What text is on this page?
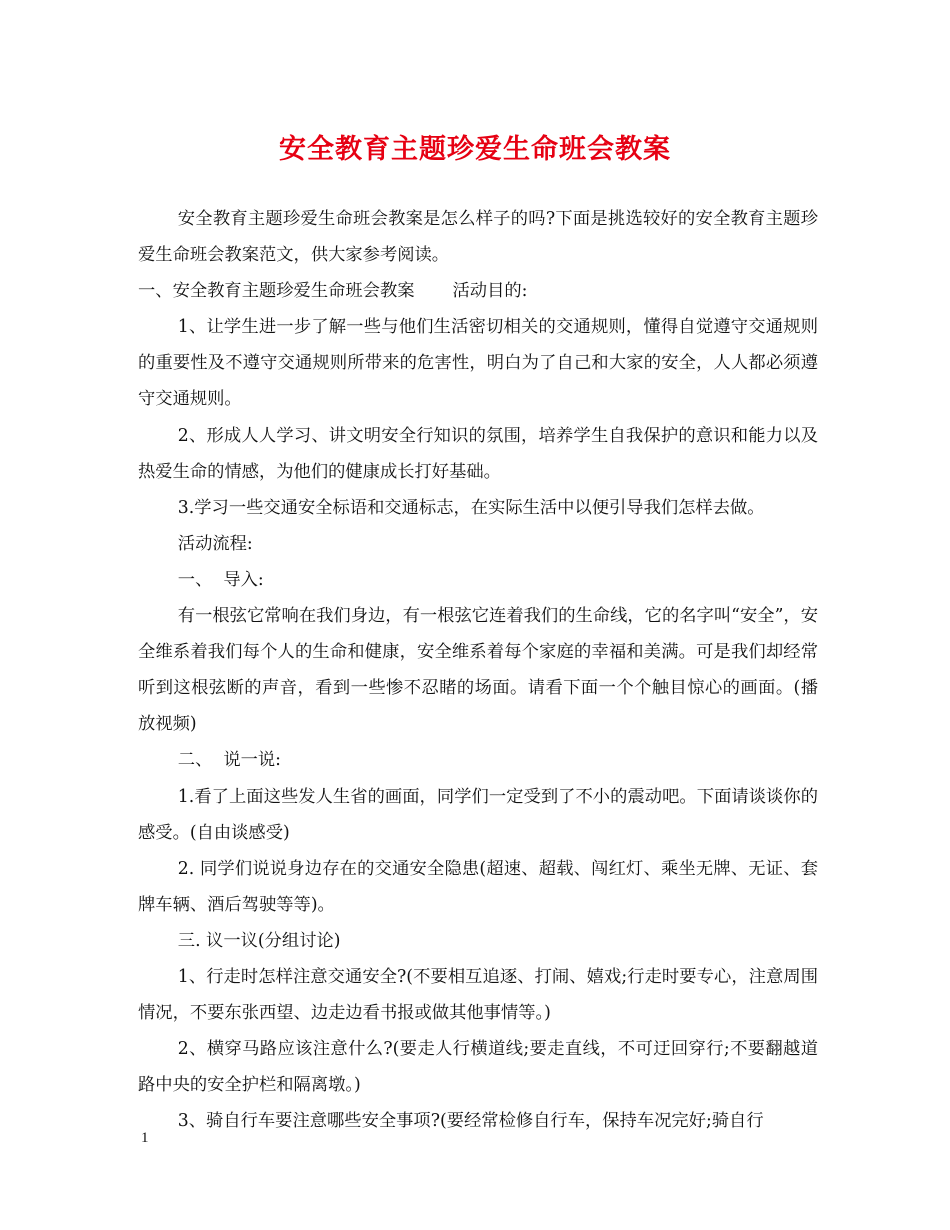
安全教育主题珍爱生命班会教案

安全教育主题珍爱生命班会教案是怎么样子的吗?下面是挑选较好的安全教育主题珍爱生命班会教案范文，供大家参考阅读。

一、安全教育主题珍爱生命班会教案 活动目的:

1、让学生进一步了解一些与他们生活密切相关的交通规则，懂得自觉遵守交通规则的重要性及不遵守交通规则所带来的危害性，明白为了自己和大家的安全，人人都必须遵守交通规则。

2、形成人人学习、讲文明安全行知识的氛围，培养学生自我保护的意识和能力以及热爱生命的情感，为他们的健康成长打好基础。

3.学习一些交通安全标语和交通标志，在实际生活中以便引导我们怎样去做。

活动流程:

一、  导入:

有一根弦它常响在我们身边，有一根弦它连着我们的生命线，它的名字叫“安全”，安全维系着我们每个人的生命和健康，安全维系着每个家庭的幸福和美满。可是我们却经常听到这根弦断的声音，看到一些惨不忍睹的场面。请看下面一个个触目惊心的画面。(播放视频)

二、  说一说:

1.看了上面这些发人生省的画面，同学们一定受到了不小的震动吧。下面请谈谈你的感受。(自由谈感受)

2. 同学们说说身边存在的交通安全隐患(超速、超载、闯红灯、乘坐无牌、无证、套牌车辆、酒后驾驶等等)。

三. 议一议(分组讨论)

1、行走时怎样注意交通安全?(不要相互追逐、打闹、嬉戏;行走时要专心，注意周围情况，不要东张西望、边走边看书报或做其他事情等。)

2、横穿马路应该注意什么?(要走人行横道线;要走直线，不可迂回穿行;不要翻越道路中央的安全护栏和隔离墩。)

3、骑自行车要注意哪些安全事项?(要经常检修自行车，保持车况完好;骑自行

1
